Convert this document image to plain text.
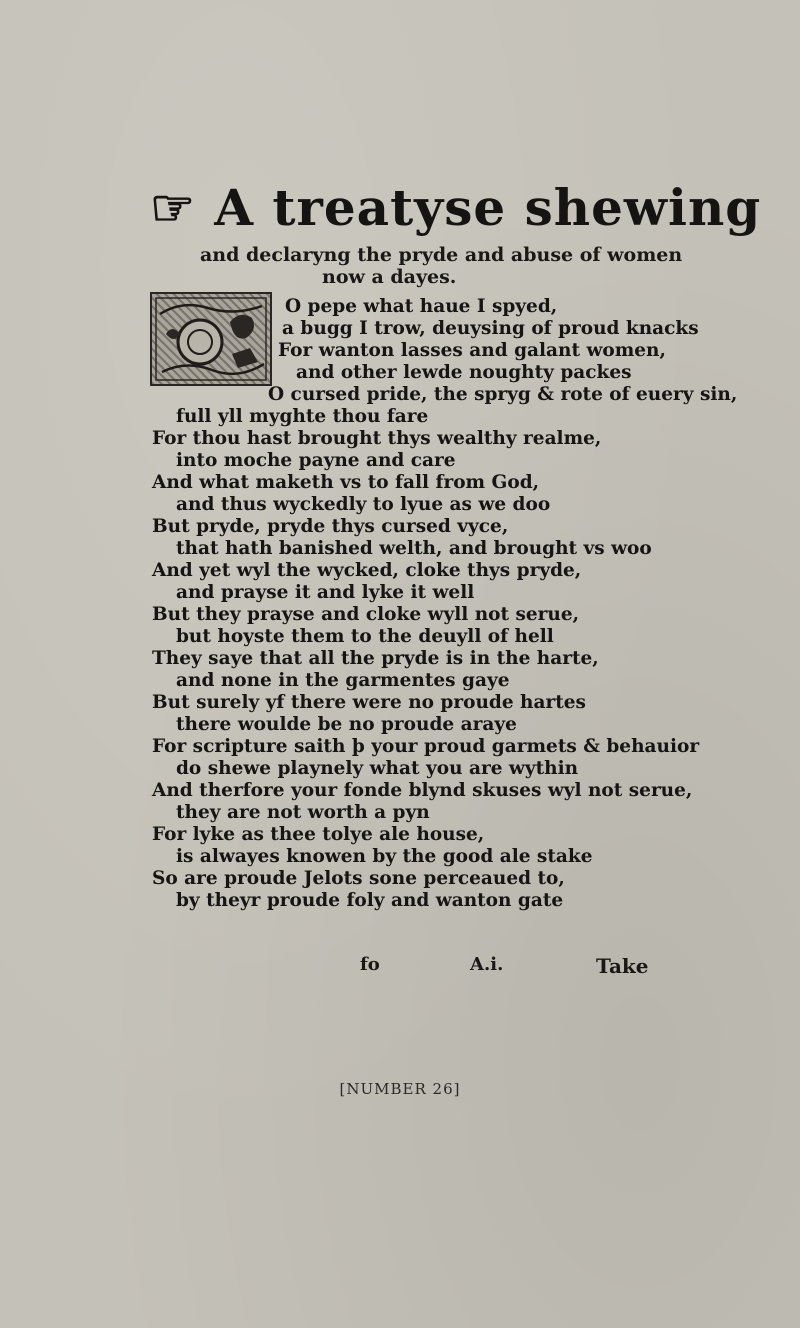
☞ A treatyse shewing
and declaryng the pryde and abuse of women
now a dayes.
O pepe what haue I spyed,
a bugg I trow, deuysing of proud knacks
For wanton lasses and galant women,
and other lewde noughty packes
O cursed pride, the spryg & rote of euery sin,
full yll myghte thou fare
For thou hast brought thys wealthy realme,
into moche payne and care
And what maketh vs to fall from God,
and thus wyckedly to lyue as we doo
But pryde, pryde thys cursed vyce,
that hath banished welth, and brought vs woo
And yet wyl the wycked, cloke thys pryde,
and prayse it and lyke it well
But they prayse and cloke wyll not serue,
but hoyste them to the deuyll of hell
They saye that all the pryde is in the harte,
and none in the garmentes gaye
But surely yf there were no proude hartes
there woulde be no proude araye
For scripture saith þ your proud garmets & behauior
do shewe playnely what you are wythin
And therfore your fonde blynd skuses wyl not serue,
they are not worth a pyn
For lyke as thee tolye ale house,
is alwayes knowen by the good ale stake
So are proude Jelots sone perceaued to,
by theyr proude foly and wanton gate
fo	A.i.	Take
[NUMBER 26]
